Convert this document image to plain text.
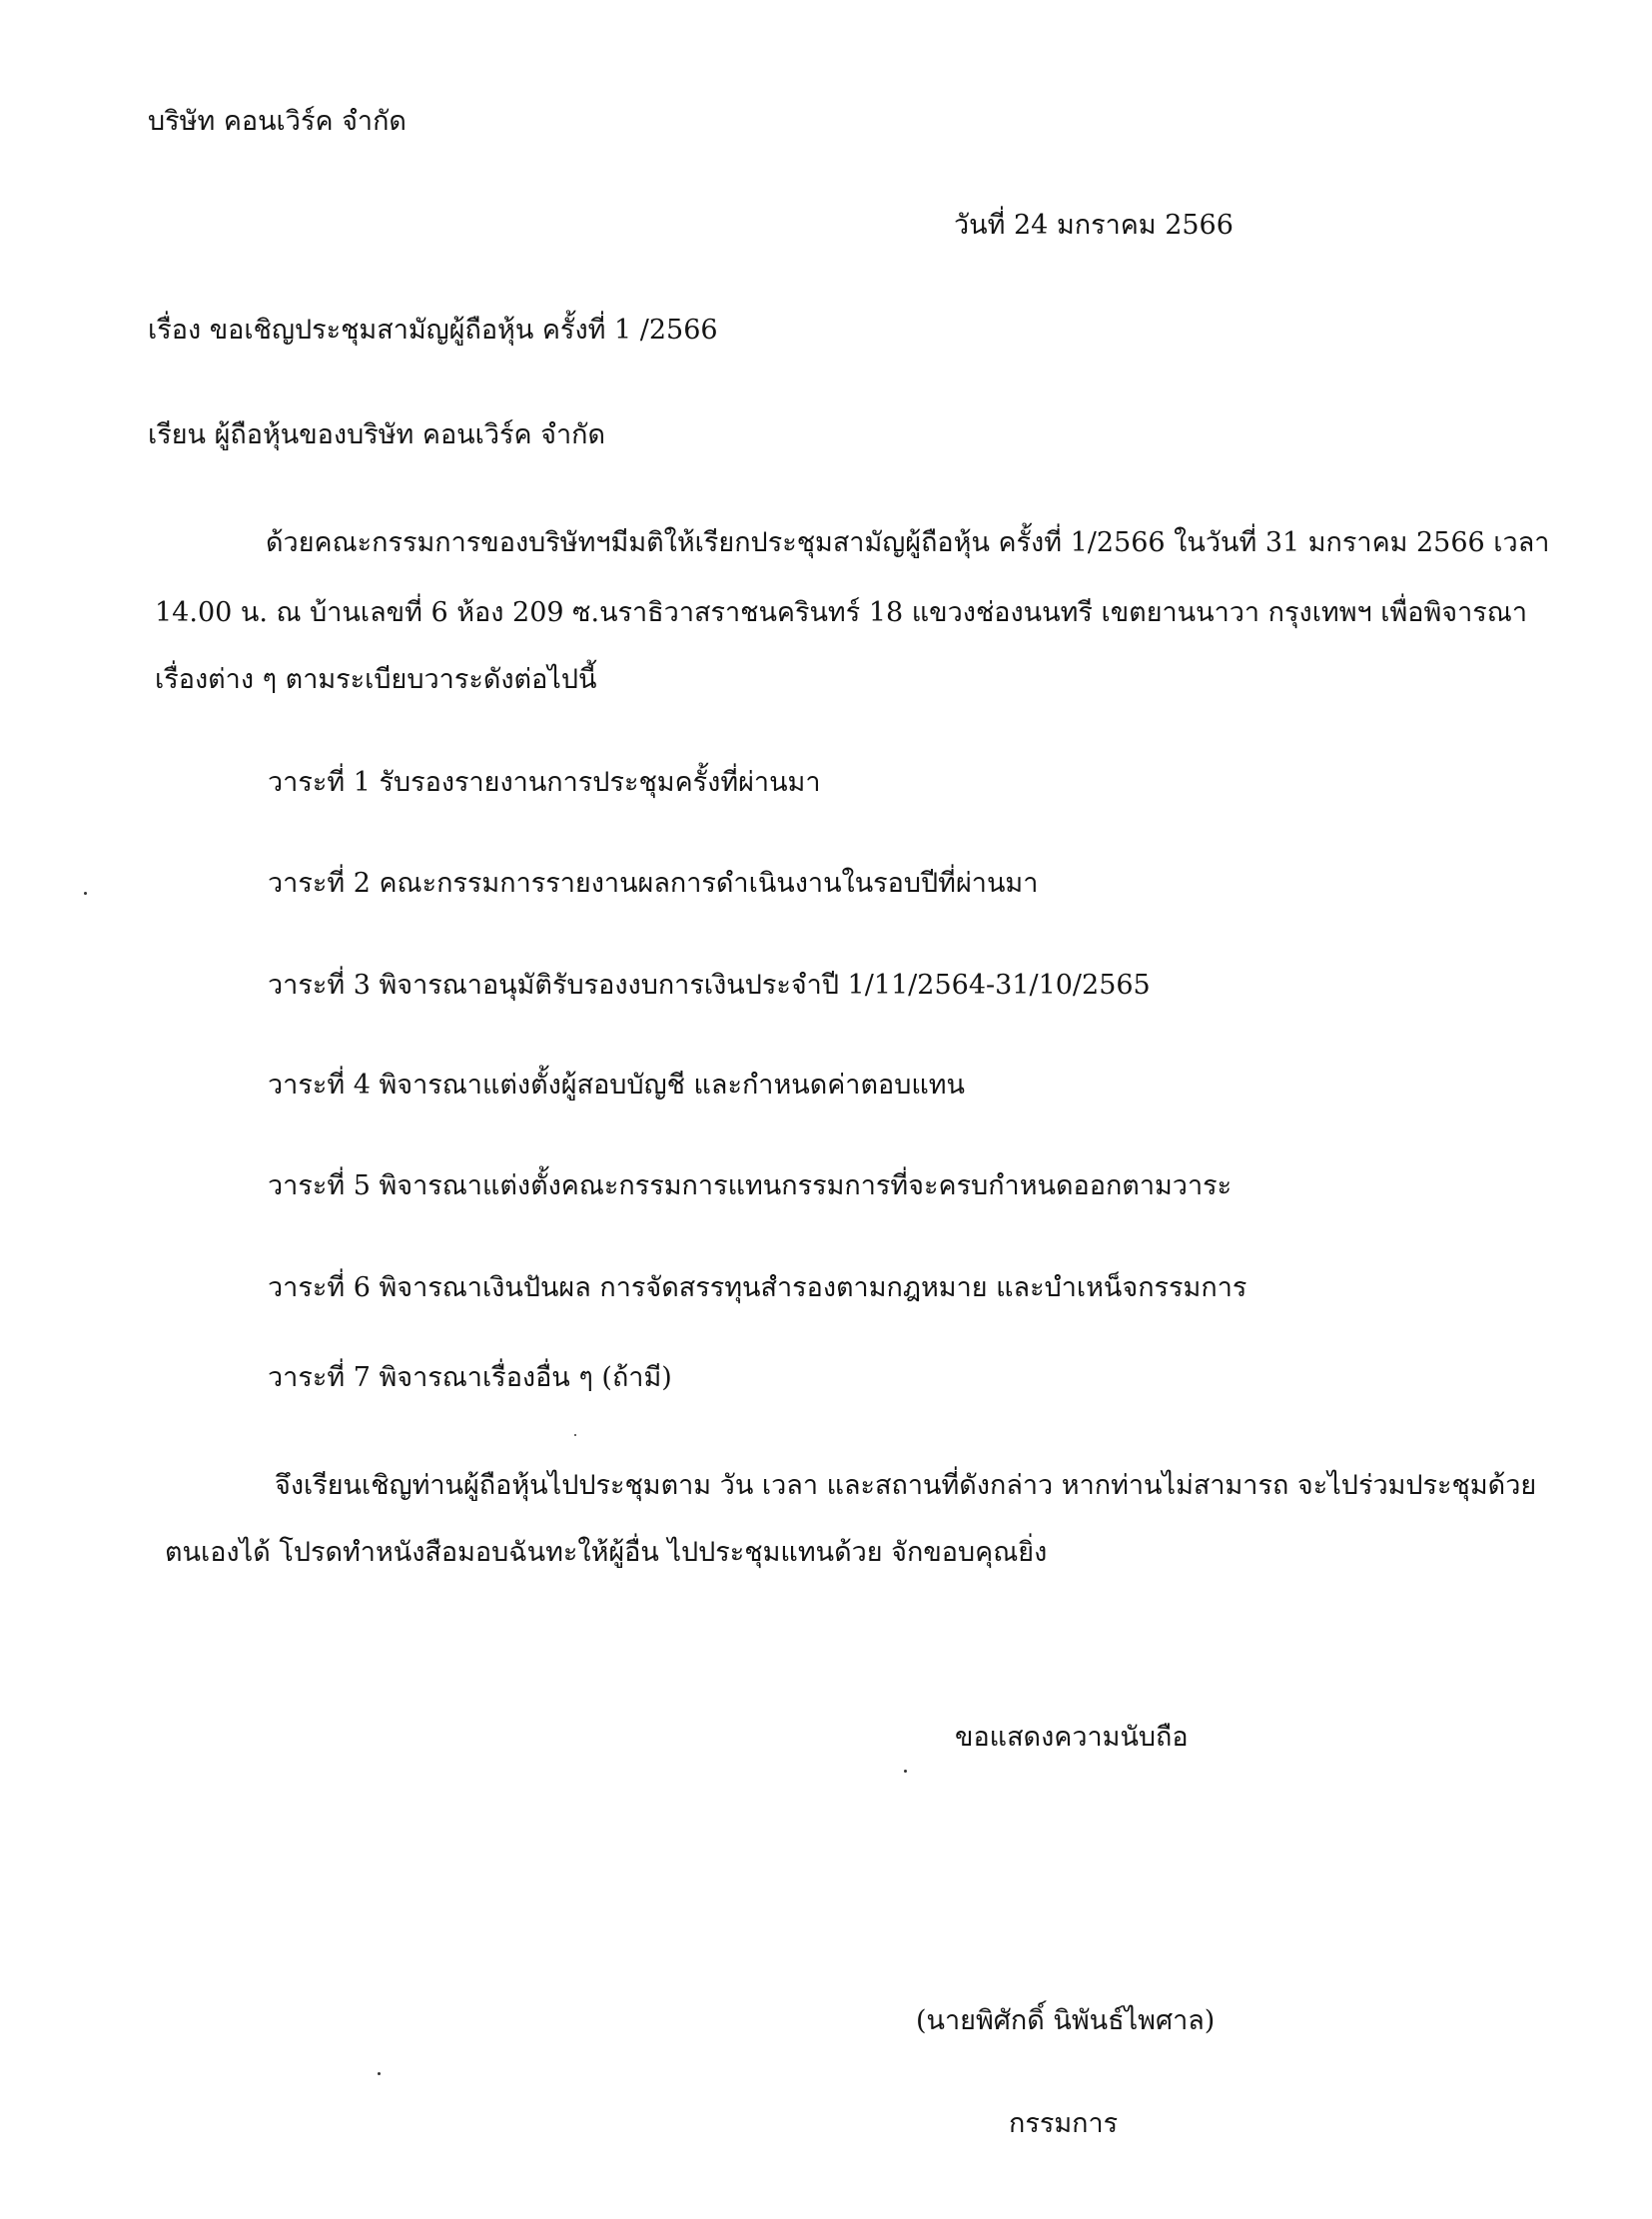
บริษัท คอนเวิร์ค จำกัด
วันที่ 24 มกราคม 2566
เรื่อง ขอเชิญประชุมสามัญผู้ถือหุ้น ครั้งที่ 1 /2566
เรียน ผู้ถือหุ้นของบริษัท คอนเวิร์ค จำกัด
ด้วยคณะกรรมการของบริษัทฯมีมติให้เรียกประชุมสามัญผู้ถือหุ้น ครั้งที่ 1/2566 ในวันที่ 31 มกราคม 2566 เวลา
14.00 น. ณ บ้านเลขที่ 6 ห้อง 209 ซ.นราธิวาสราชนครินทร์ 18 แขวงช่องนนทรี เขตยานนาวา กรุงเทพฯ เพื่อพิจารณา
เรื่องต่าง ๆ ตามระเบียบวาระดังต่อไปนี้
วาระที่ 1 รับรองรายงานการประชุมครั้งที่ผ่านมา
วาระที่ 2 คณะกรรมการรายงานผลการดำเนินงานในรอบปีที่ผ่านมา
วาระที่ 3 พิจารณาอนุมัติรับรองงบการเงินประจำปี 1/11/2564-31/10/2565
วาระที่ 4 พิจารณาแต่งตั้งผู้สอบบัญชี และกำหนดค่าตอบแทน
วาระที่ 5 พิจารณาแต่งตั้งคณะกรรมการแทนกรรมการที่จะครบกำหนดออกตามวาระ
วาระที่ 6 พิจารณาเงินปันผล การจัดสรรทุนสำรองตามกฎหมาย และบำเหน็จกรรมการ
วาระที่ 7 พิจารณาเรื่องอื่น ๆ (ถ้ามี)
จึงเรียนเชิญท่านผู้ถือหุ้นไปประชุมตาม วัน เวลา และสถานที่ดังกล่าว หากท่านไม่สามารถ จะไปร่วมประชุมด้วย
ตนเองได้ โปรดทำหนังสือมอบฉันทะให้ผู้อื่น ไปประชุมแทนด้วย จักขอบคุณยิ่ง
ขอแสดงความนับถือ
(นายพิศักดิ์ นิพันธ์ไพศาล)
กรรมการ
